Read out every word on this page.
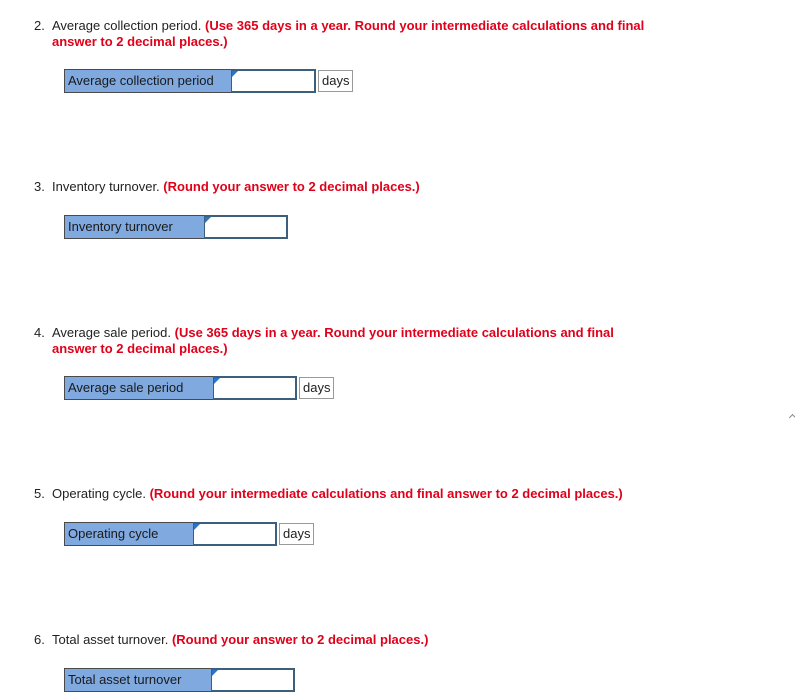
2. Average collection period. (Use 365 days in a year. Round your intermediate calculations and final
answer to 2 decimal places.)
Average collection period	days
3. Inventory turnover. (Round your answer to 2 decimal places.)
Inventory turnover
4. Average sale period. (Use 365 days in a year. Round your intermediate calculations and final
answer to 2 decimal places.)
Average sale period	days
5. Operating cycle. (Round your intermediate calculations and final answer to 2 decimal places.)
Operating cycle	days
6. Total asset turnover. (Round your answer to 2 decimal places.)
Total asset turnover
